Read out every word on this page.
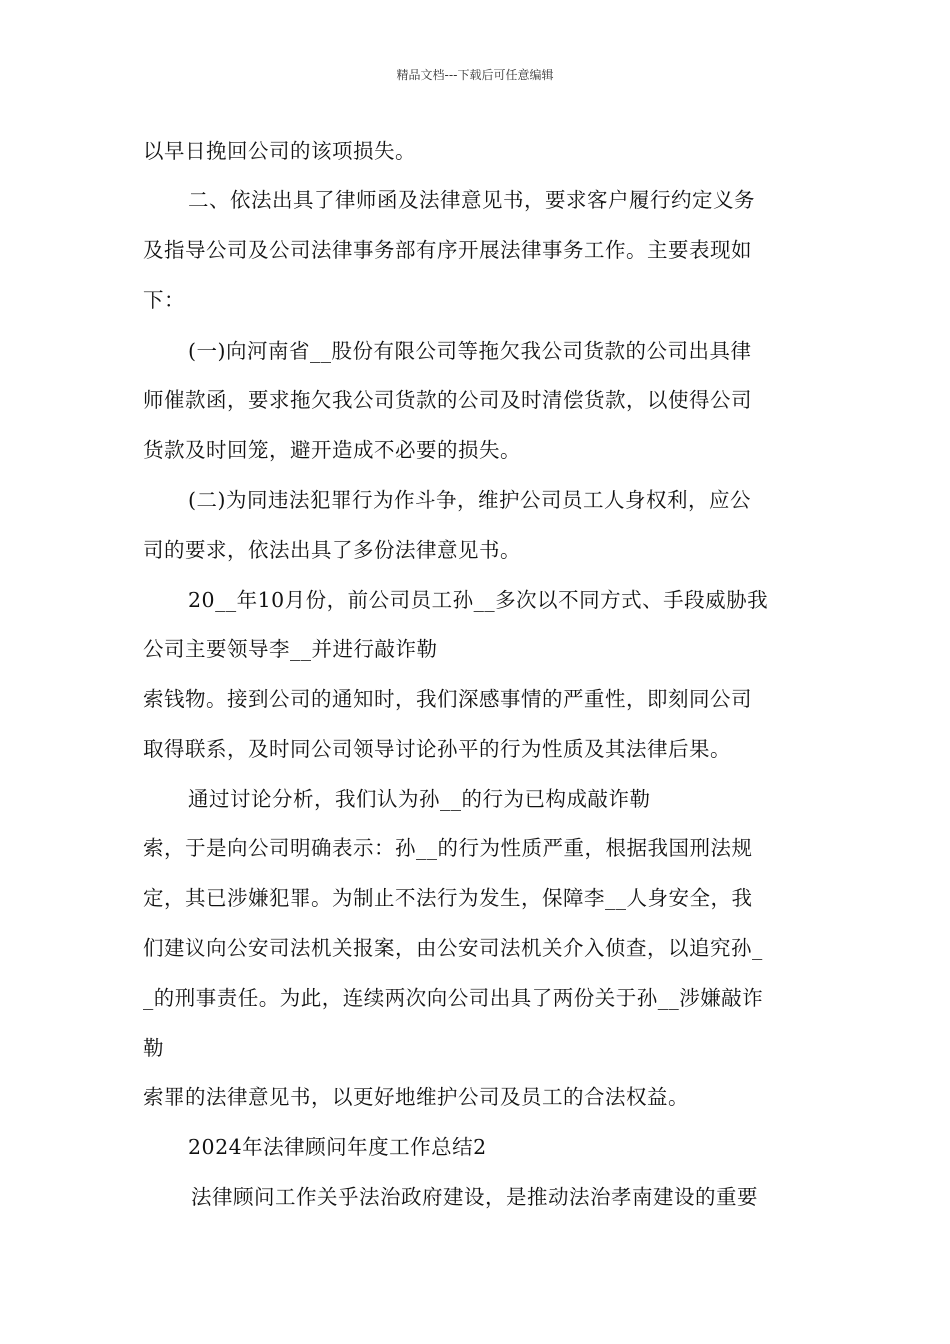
精品文档---下载后可任意编辑
以早日挽回公司的该项损失。
二、依法出具了律师函及法律意见书，要求客户履行约定义务
及指导公司及公司法律事务部有序开展法律事务工作。主要表现如
下：
(一)向河南省__股份有限公司等拖欠我公司货款的公司出具律
师催款函，要求拖欠我公司货款的公司及时清偿货款，以使得公司
货款及时回笼，避开造成不必要的损失。
(二)为同违法犯罪行为作斗争，维护公司员工人身权利，应公
司的要求，依法出具了多份法律意见书。
20__年10月份，前公司员工孙__多次以不同方式、手段威胁我
公司主要领导李__并进行敲诈勒
索钱物。接到公司的通知时，我们深感事情的严重性，即刻同公司
取得联系，及时同公司领导讨论孙平的行为性质及其法律后果。
通过讨论分析，我们认为孙__的行为已构成敲诈勒
索，于是向公司明确表示：孙__的行为性质严重，根据我国刑法规
定，其已涉嫌犯罪。为制止不法行为发生，保障李__人身安全，我
们建议向公安司法机关报案，由公安司法机关介入侦查，以追究孙_
_的刑事责任。为此，连续两次向公司出具了两份关于孙__涉嫌敲诈
勒
索罪的法律意见书，以更好地维护公司及员工的合法权益。
2024年法律顾问年度工作总结2
法律顾问工作关乎法治政府建设，是推动法治孝南建设的重要
